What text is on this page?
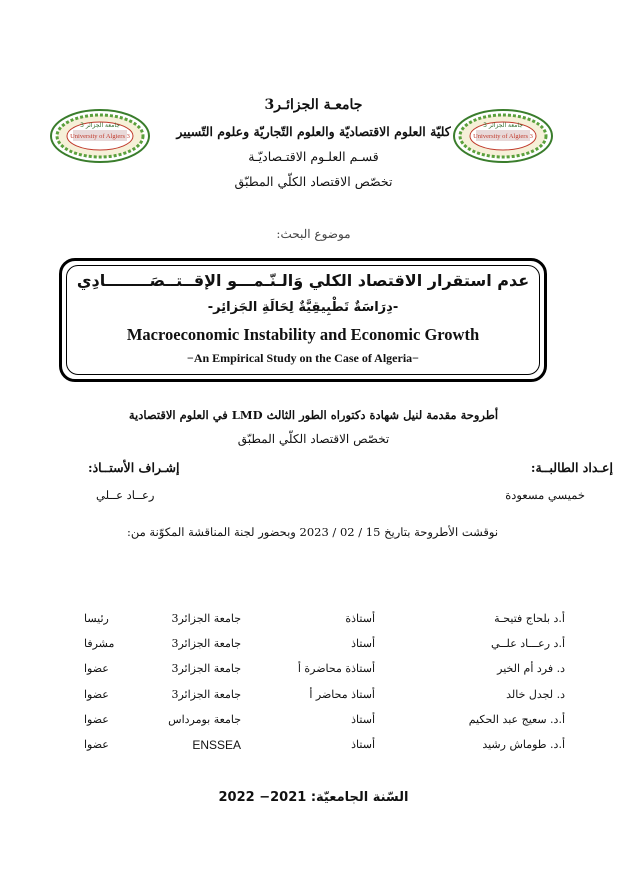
University of Algiers 3
جامعة الجزائر 3
University of Algiers 3
جامعة الجزائر 3
جامعـة الجزائـر3
كليّة العلوم الاقتصاديّة والعلوم التّجاريّة وعلوم التّسيير
قسـم العلـوم الاقتـصاديّـة
تخصّص الاقتصاد الكلّي المطبّق
موضوع البحث:
عدم استقرار الاقتصاد الكلي وَالـنّـمـــو الإقــتــصَــــــــادِي
-دِرَاسَةٌ تَطْبِيقِيَّةٌ لِحَالَةِ الجَزائِر-
Macroeconomic Instability and Economic Growth
−An Empirical Study on the Case of Algeria−
أطروحة مقدمة لنيل شهادة دكتوراه الطور الثالث LMD في العلوم الاقتصادية
تخصّص الاقتصاد الكلّي المطبّق
إعـداد الطالبــة:
خميسي مسعودة
إشـراف الأستــاذ:
رعــاد عــلي
نوقشت الأطروحة بتاريخ 15 / 02 / 2023 وبحضور لجنة المناقشة المكوّنة من:
أ.د بلحاج فتيحـة
أستاذة
جامعة الجزائر3
رئيسا
أ.د رعـــاد علــي
أستاذ
جامعة الجزائر3
مشرفا
د. فرد أم الخير
أستاذة محاضرة أ
جامعة الجزائر3
عضوا
د. لجدل خالد
أستاذ محاضر أ
جامعة الجزائر3
عضوا
أ.د. سعيج عبد الحكيم
أستاذ
جامعة بومرداس
عضوا
أ.د. طوماش رشيد
أستاذ
ENSSEA
عضوا
السّنة الجامعيّة: 2021− 2022
